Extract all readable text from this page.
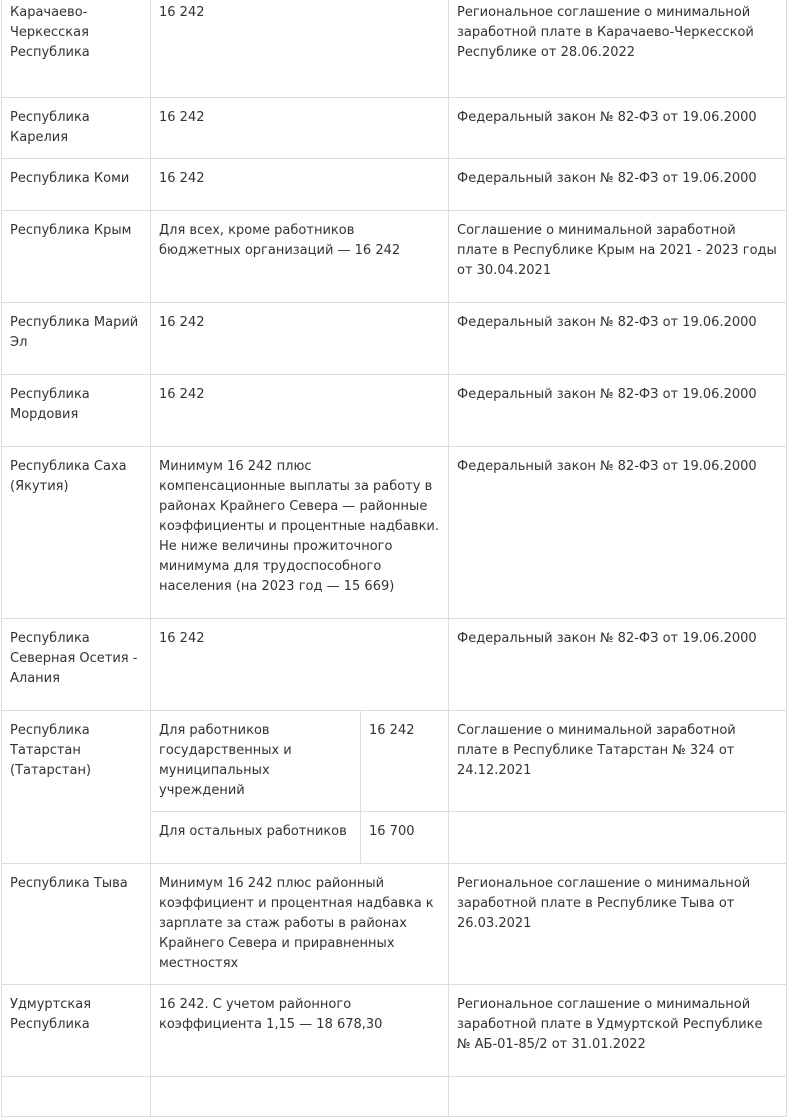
Карачаево-Черкесская Республика	16 242		Региональное соглашение о минимальной заработной плате в Карачаево-Черкесской Республике от 28.06.2022
Республика Карелия	16 242		Федеральный закон № 82-ФЗ от 19.06.2000
Республика Коми	16 242		Федеральный закон № 82-ФЗ от 19.06.2000
Республика Крым	Для всех, кроме работников бюджетных организаций — 16 242		Соглашение о минимальной заработной плате в Республике Крым на 2021 - 2023 годы от 30.04.2021
Республика Марий Эл	16 242		Федеральный закон № 82-ФЗ от 19.06.2000
Республика Мордовия	16 242		Федеральный закон № 82-ФЗ от 19.06.2000
Республика Саха (Якутия)	Минимум 16 242 плюс компенсационные выплаты за работу в районах Крайнего Севера — районные коэффициенты и процентные надбавки. Не ниже величины прожиточного минимума для трудоспособного населения (на 2023 год — 15 669)		Федеральный закон № 82-ФЗ от 19.06.2000
Республика Северная Осетия - Алания	16 242		Федеральный закон № 82-ФЗ от 19.06.2000
Республика Татарстан (Татарстан)	Для работников государственных и муниципальных учреждений	16 242	Соглашение о минимальной заработной плате в Республике Татарстан № 324 от 24.12.2021
	Для остальных работников	16 700	
Республика Тыва	Минимум 16 242 плюс районный коэффициент и процентная надбавка к зарплате за стаж работы в районах Крайнего Севера и приравненных местностях		Региональное соглашение о минимальной заработной плате в Республике Тыва от 26.03.2021
Удмуртская Республика	16 242. С учетом районного коэффициента 1,15 — 18 678,30		Региональное соглашение о минимальной заработной плате в Удмуртской Республике № АБ-01-85/2 от 31.01.2022
